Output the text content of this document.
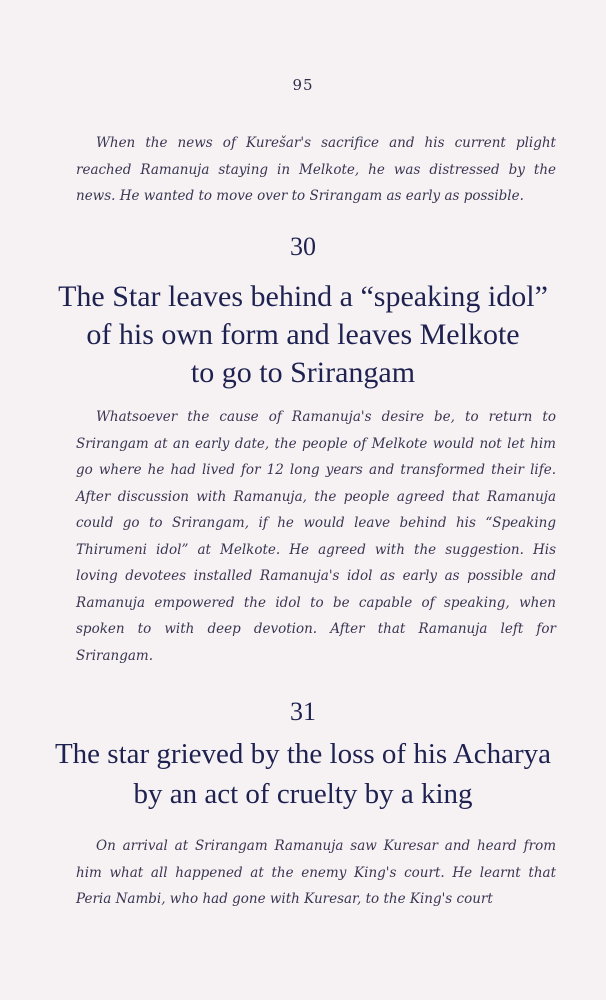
95

When the news of Kurešar's sacrifice and his current plight reached Ramanuja staying in Melkote, he was distressed by the news. He wanted to move over to Srirangam as early as possible.

30
The Star leaves behind a “speaking idol”
of his own form and leaves Melkote
to go to Srirangam

Whatsoever the cause of Ramanuja's desire be, to return to Srirangam at an early date, the people of Melkote would not let him go where he had lived for 12 long years and transformed their life. After discussion with Ramanuja, the people agreed that Ramanuja could go to Srirangam, if he would leave behind his “Speaking Thirumeni idol” at Melkote. He agreed with the suggestion. His loving devotees installed Ramanuja's idol as early as possible and Ramanuja empowered the idol to be capable of speaking, when spoken to with deep devotion. After that Ramanuja left for Srirangam.

31
The star grieved by the loss of his Acharya
by an act of cruelty by a king

On arrival at Srirangam Ramanuja saw Kuresar and heard from him what all happened at the enemy King's court. He learnt that Peria Nambi, who had gone with Kuresar, to the King's court
